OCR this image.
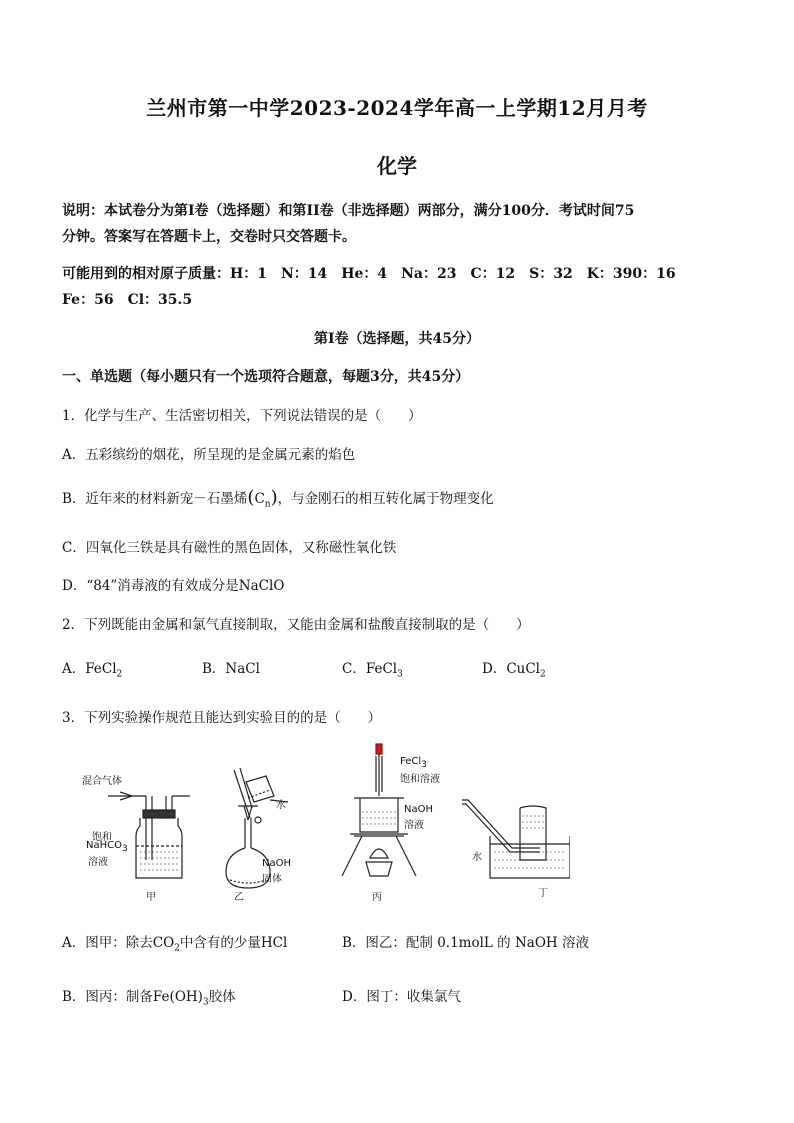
兰州市第一中学2023-2024学年高一上学期12月月考
化学
说明：本试卷分为第I卷（选择题）和第II卷（非选择题）两部分，满分100分．考试时间75
分钟。答案写在答题卡上，交卷时只交答题卡。
可能用到的相对原子质量：H：1　N：14　He：4　Na：23　C：12　S：32　K：390：16
Fe：56　Cl：35.5
第I卷（选择题，共45分）
一、单选题（每小题只有一个选项符合题意，每题3分，共45分）
1．化学与生产、生活密切相关，下列说法错误的是（　　）
A．五彩缤纷的烟花，所呈现的是金属元素的焰色
B．近年来的材料新宠－石墨烯$(C_n)$，与金刚石的相互转化属于物理变化
C．四氧化三铁是具有磁性的黑色固体，又称磁性氧化铁
D．“84”消毒液的有效成分是NaClO
2．下列既能由金属和氯气直接制取，又能由金属和盐酸直接制取的是（　　）
A．FeCl$_2$	B．NaCl	C．FeCl$_3$	D．CuCl$_2$
3．下列实验操作规范且能达到实验目的的是（　　）
混合气体
饱和
NaHCO$_3$
溶液
甲
水
NaOH
固体
乙
FeCl$_3$
饱和溶液
NaOH
溶液
丙
水
丁
A．图甲：除去$CO_2$中含有的少量HCl	B．图乙：配制 0.1molL 的 NaOH 溶液
B．图丙：制备$Fe(OH)_3$胶体	D．图丁：收集氯气
